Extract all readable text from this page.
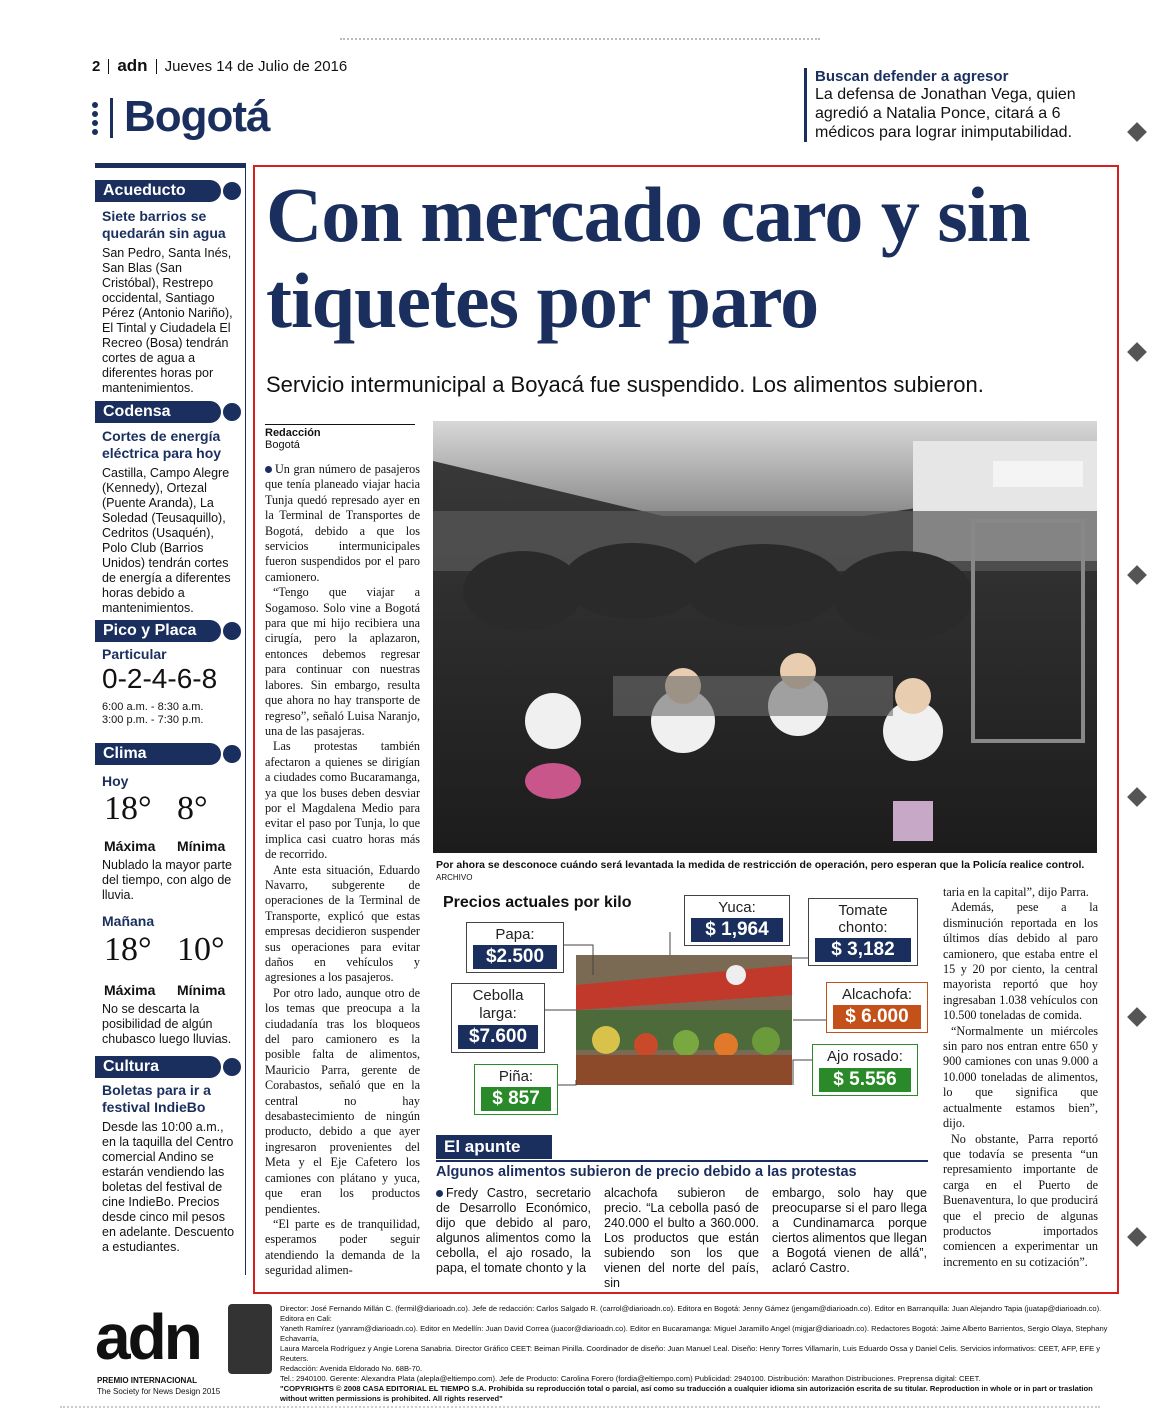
2 adn Jueves 14 de Julio de 2016
Bogotá
Buscan defender a agresor
La defensa de Jonathan Vega, quien agredió a Natalia Ponce, citará a 6 médicos para lograr inimputabilidad.
Acueducto
Siete barrios se quedarán sin agua
San Pedro, Santa Inés, San Blas (San Cristóbal), Restrepo occidental, Santiago Pérez (Antonio Nariño), El Tintal y Ciudadela El Recreo (Bosa) tendrán cortes de agua a diferentes horas por mantenimientos.
Codensa
Cortes de energía eléctrica para hoy
Castilla, Campo Alegre (Kennedy), Ortezal (Puente Aranda), La Soledad (Teusaquillo), Cedritos (Usaquén), Polo Club (Barrios Unidos) tendrán cortes de energía a diferentes horas debido a mantenimientos.
Pico y Placa
Particular
0-2-4-6-8
6:00 a.m. - 8:30 a.m.
3:00 p.m. - 7:30 p.m.
Clima
Hoy
18° 8°
Máxima Mínima
Nublado la mayor parte del tiempo, con algo de lluvia.
Mañana
18° 10°
Máxima Mínima
No se descarta la posibilidad de algún chubasco luego lluvias.
Cultura
Boletas para ir a festival IndieBo
Desde las 10:00 a.m., en la taquilla del Centro comercial Andino se estarán vendiendo las boletas del festival de cine IndieBo. Precios desde cinco mil pesos en adelante. Descuento a estudiantes.
Con mercado caro y sin tiquetes por paro
Servicio intermunicipal a Boyacá fue suspendido. Los alimentos subieron.
Redacción
Bogotá

Un gran número de pasajeros que tenía planeado viajar hacia Tunja quedó represado ayer en la Terminal de Transportes de Bogotá, debido a que los servicios intermunicipales fueron suspendidos por el paro camionero.

“Tengo que viajar a Sogamoso. Solo vine a Bogotá para que mi hijo recibiera una cirugía, pero la aplazaron, entonces debemos regresar para continuar con nuestras labores. Sin embargo, resulta que ahora no hay transporte de regreso”, señaló Luisa Naranjo, una de las pasajeras.

Las protestas también afectaron a quienes se dirigían a ciudades como Bucaramanga, ya que los buses deben desviar por el Magdalena Medio para evitar el paso por Tunja, lo que implica casi cuatro horas más de recorrido.

Ante esta situación, Eduardo Navarro, subgerente de operaciones de la Terminal de Transporte, explicó que estas empresas decidieron suspender sus operaciones para evitar daños en vehículos y agresiones a los pasajeros.

Por otro lado, aunque otro de los temas que preocupa a la ciudadanía tras los bloqueos del paro camionero es la posible falta de alimentos, Mauricio Parra, gerente de Corabastos, señaló que en la central no hay desabastecimiento de ningún producto, debido a que ayer ingresaron provenientes del Meta y el Eje Cafetero los camiones con plátano y yuca, que eran los productos pendientes.

“El parte es de tranquilidad, esperamos poder seguir atendiendo la demanda de la seguridad alimen-

Por ahora se desconoce cuándo será levantada la medida de restricción de operación, pero esperan que la Policía realice control. ARCHIVO
Precios actuales por kilo
Papa:
$2.500
Yuca:
$ 1,964
Tomate chonto:
$ 3,182
Cebolla larga:
$7.600
Alcachofa:
$ 6.000
Piña:
$ 857
Ajo rosado:
$ 5.556
El apunte
Algunos alimentos subieron de precio debido a las protestas
Fredy Castro, secretario de Desarrollo Económico, dijo que debido al paro, algunos alimentos como la cebolla, el ajo rosado, la papa, el tomate chonto y la
alcachofa subieron de precio. “La cebolla pasó de 240.000 el bulto a 360.000. Los productos que están subiendo son los que vienen del norte del país, sin
embargo, solo hay que preocuparse si el paro llega a Cundinamarca porque ciertos alimentos que llegan a Bogotá vienen de allá”, aclaró Castro.

taria en la capital”, dijo Parra.

Además, pese a la disminución reportada en los últimos días debido al paro camionero, que estaba entre el 15 y 20 por ciento, la central mayorista reportó que hoy ingresaban 1.038 vehículos con 10.500 toneladas de comida.

“Normalmente un miércoles sin paro nos entran entre 650 y 900 camiones con unas 9.000 a 10.000 toneladas de alimentos, lo que significa que actualmente estamos bien”, dijo.

No obstante, Parra reportó que todavía se presenta “un represamiento importante de carga en el Puerto de Buenaventura, lo que producirá que el precio de algunas productos importados comiencen a experimentar un incremento en su cotización”.

adn
PREMIO INTERNACIONAL
The Society for News Design 2015
Director: José Fernando Millán C. (fermil@diarioadn.co). Jefe de redacción: Carlos Salgado R. (carrol@diarioadn.co). Editora en Bogotá: Jenny Gámez (jengam@diarioadn.co). Editor en Barranquilla: Juan Alejandro Tapia (juatap@diarioadn.co). Editora en Cali:
Yaneth Ramírez (yanram@diarioadn.co). Editor en Medellín: Juan David Correa (juacor@diarioadn.co). Editor en Bucaramanga: Miguel Jaramillo Angel (migjar@diarioadn.co). Redactores Bogotá: Jaime Alberto Barrientos, Sergio Olaya, Stephany Echavarría,
Laura Marcela Rodríguez y Angie Lorena Sanabria. Director Gráfico CEET: Beiman Pinilla. Coordinador de diseño: Juan Manuel Leal. Diseño: Henry Torres Villamarín, Luis Eduardo Ossa y Daniel Celis. Servicios informativos: CEET, AFP, EFE y Reuters.
Redacción: Avenida Eldorado No. 68B-70.
Tel.: 2940100. Gerente: Alexandra Plata (alepla@eltiempo.com). Jefe de Producto: Carolina Forero (fordia@eltiempo.com) Publicidad: 2940100. Distribución: Marathon Distribuciones. Preprensa digital: CEET.
"COPYRIGHTS © 2008 CASA EDITORIAL EL TIEMPO S.A. Prohibida su reproducción total o parcial, así como su traducción a cualquier idioma sin autorización escrita de su titular. Reproduction in whole or in part or traslation without written permissions is prohibited. All rights reserved"
